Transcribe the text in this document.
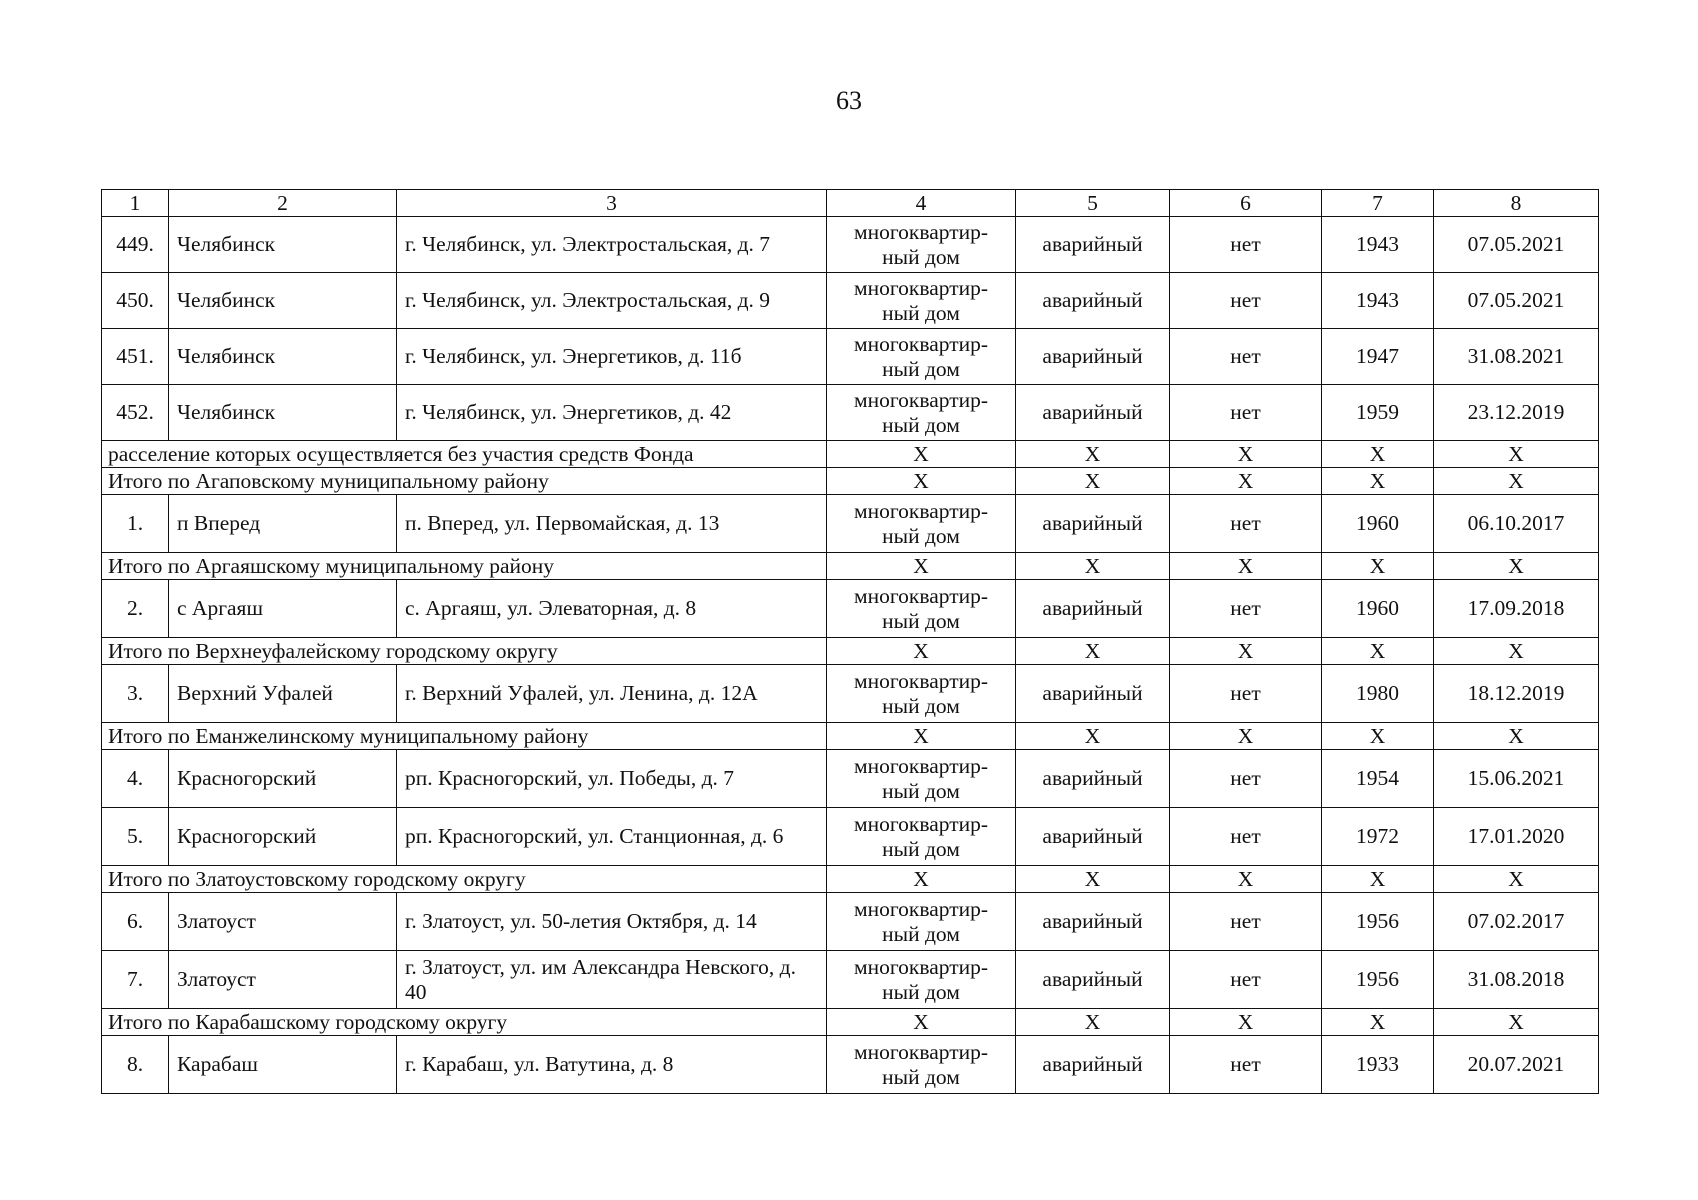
63
1	2	3	4	5	6	7	8
449.	Челябинск	г. Челябинск, ул. Электростальская, д. 7	многоквартир-
ный дом	аварийный	нет	1943	07.05.2021
450.	Челябинск	г. Челябинск, ул. Электростальская, д. 9	многоквартир-
ный дом	аварийный	нет	1943	07.05.2021
451.	Челябинск	г. Челябинск, ул. Энергетиков, д. 11б	многоквартир-
ный дом	аварийный	нет	1947	31.08.2021
452.	Челябинск	г. Челябинск, ул. Энергетиков, д. 42	многоквартир-
ный дом	аварийный	нет	1959	23.12.2019
расселение которых осуществляется без участия средств Фонда			X	X	X	X	X
Итого по Агаповскому муниципальному району			X	X	X	X	X
1.	п Вперед	п. Вперед, ул. Первомайская, д. 13	многоквартир-
ный дом	аварийный	нет	1960	06.10.2017
Итого по Аргаяшскому муниципальному району			X	X	X	X	X
2.	с Аргаяш	с. Аргаяш, ул. Элеваторная, д. 8	многоквартир-
ный дом	аварийный	нет	1960	17.09.2018
Итого по Верхнеуфалейскому городскому округу			X	X	X	X	X
3.	Верхний Уфалей	г. Верхний Уфалей, ул. Ленина, д. 12А	многоквартир-
ный дом	аварийный	нет	1980	18.12.2019
Итого по Еманжелинскому муниципальному району			X	X	X	X	X
4.	Красногорский	рп. Красногорский, ул. Победы, д. 7	многоквартир-
ный дом	аварийный	нет	1954	15.06.2021
5.	Красногорский	рп. Красногорский, ул. Станционная, д. 6	многоквартир-
ный дом	аварийный	нет	1972	17.01.2020
Итого по Златоустовскому городскому округу			X	X	X	X	X
6.	Златоуст	г. Златоуст, ул. 50-летия Октября, д. 14	многоквартир-
ный дом	аварийный	нет	1956	07.02.2017
7.	Златоуст	г. Златоуст, ул. им Александра Невского, д. 40	многоквартир-
ный дом	аварийный	нет	1956	31.08.2018
Итого по Карабашскому городскому округу			X	X	X	X	X
8.	Карабаш	г. Карабаш, ул. Ватутина, д. 8	многоквартир-
ный дом	аварийный	нет	1933	20.07.2021
